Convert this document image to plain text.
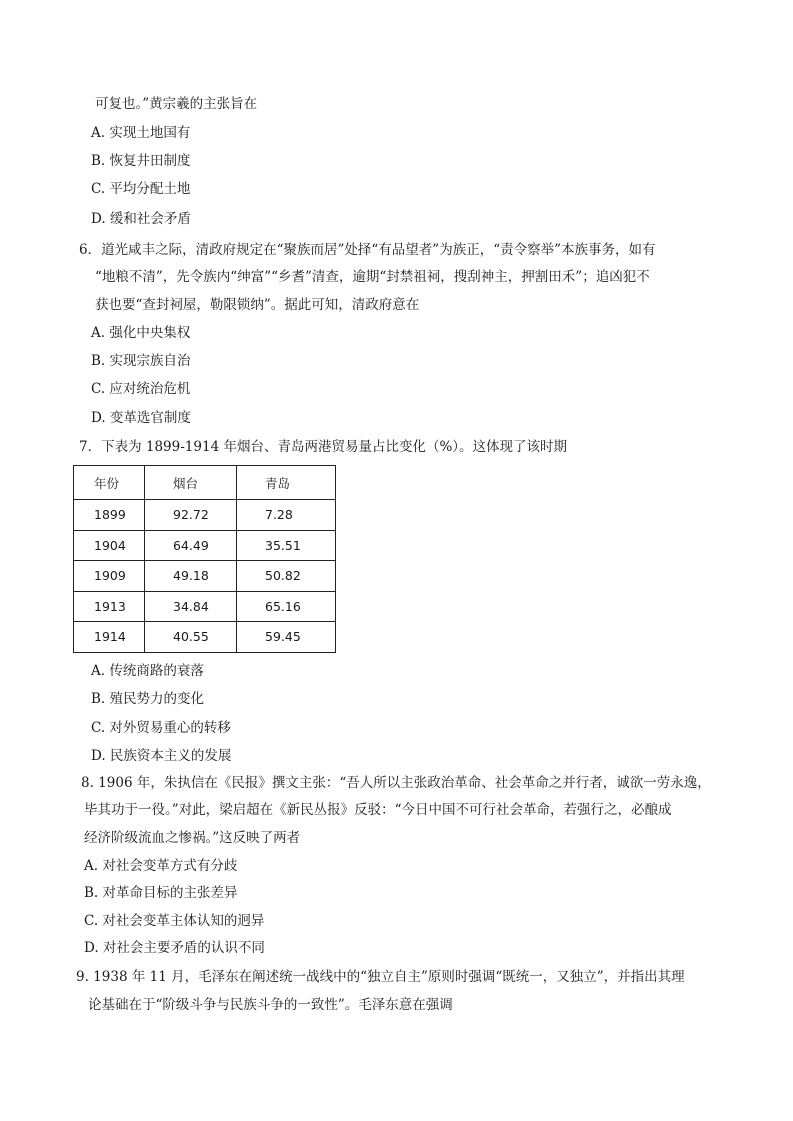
可复也。”黄宗羲的主张旨在
A. 实现土地国有
B. 恢复井田制度
C. 平均分配土地
D. 缓和社会矛盾
6．道光咸丰之际，清政府规定在“聚族而居”处择“有品望者”为族正，“责令察举”本族事务，如有
“地粮不清”，先令族内“绅富”“乡耆”清查，逾期“封禁祖祠，搜刮神主，押割田禾”；追凶犯不
获也要“查封祠屋，勒限锁纳”。据此可知，清政府意在
A. 强化中央集权
B. 实现宗族自治
C. 应对统治危机
D. 变革选官制度
7．下表为 1899-1914 年烟台、青岛两港贸易量占比变化（%）。这体现了该时期
年份	烟台	青岛
1899	92.72	7.28
1904	64.49	35.51
1909	49.18	50.82
1913	34.84	65.16
1914	40.55	59.45
A. 传统商路的衰落
B. 殖民势力的变化
C. 对外贸易重心的转移
D. 民族资本主义的发展
8. 1906 年，朱执信在《民报》撰文主张：“吾人所以主张政治革命、社会革命之并行者，诚欲一劳永逸，
毕其功于一役。”对此，梁启超在《新民丛报》反驳：“今日中国不可行社会革命，若强行之，必酿成
经济阶级流血之惨祸。”这反映了两者
A. 对社会变革方式有分歧
B. 对革命目标的主张差异
C. 对社会变革主体认知的迥异
D. 对社会主要矛盾的认识不同
9. 1938 年 11 月，毛泽东在阐述统一战线中的“独立自主”原则时强调“既统一，又独立”，并指出其理
论基础在于“阶级斗争与民族斗争的一致性”。毛泽东意在强调
